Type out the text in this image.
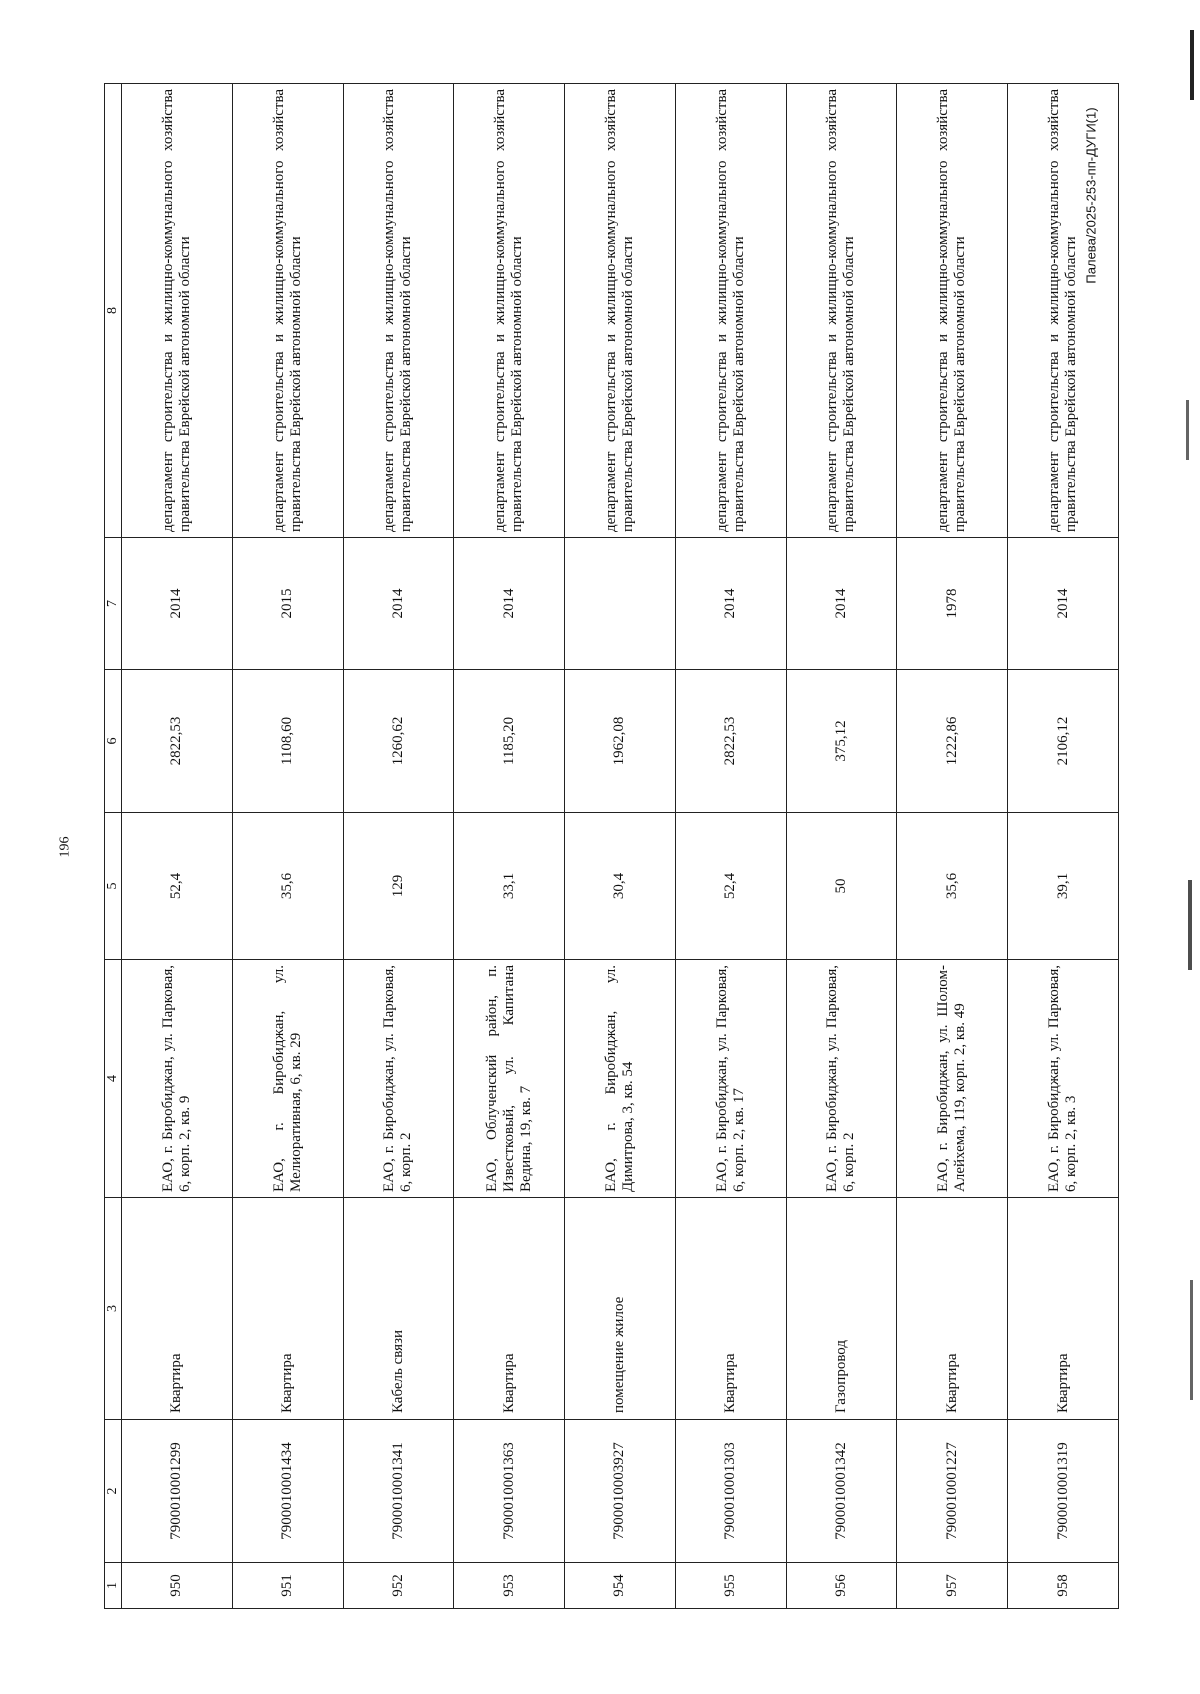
196
Палева/2025-253-пп-ДУГИ(1)
1	2	3	4	5	6	7	8
950	7900010001299	Квартира	ЕАО, г. Биробиджан, ул. Парковая, 6, корп. 2, кв. 9	52,4	2822,53	2014	департамент строительства и жилищно-коммунального хозяйства правительства Еврейской автономной области
951	7900010001434	Квартира	ЕАО, г. Биробиджан, ул. Мелиоративная, 6, кв. 29	35,6	1108,60	2015	департамент строительства и жилищно-коммунального хозяйства правительства Еврейской автономной области
952	7900010001341	Кабель связи	ЕАО, г. Биробиджан, ул. Парковая, 6, корп. 2	129	1260,62	2014	департамент строительства и жилищно-коммунального хозяйства правительства Еврейской автономной области
953	7900010001363	Квартира	ЕАО, Облученский район, п. Известковый, ул. Капитана Ведина, 19, кв. 7	33,1	1185,20	2014	департамент строительства и жилищно-коммунального хозяйства правительства Еврейской автономной области
954	7900010003927	помещение жилое	ЕАО, г. Биробиджан, ул. Димитрова, 3, кв. 54	30,4	1962,08		департамент строительства и жилищно-коммунального хозяйства правительства Еврейской автономной области
955	7900010001303	Квартира	ЕАО, г. Биробиджан, ул. Парковая, 6, корп. 2, кв. 17	52,4	2822,53	2014	департамент строительства и жилищно-коммунального хозяйства правительства Еврейской автономной области
956	7900010001342	Газопровод	ЕАО, г. Биробиджан, ул. Парковая, 6, корп. 2	50	375,12	2014	департамент строительства и жилищно-коммунального хозяйства правительства Еврейской автономной области
957	7900010001227	Квартира	ЕАО, г. Биробиджан, ул. Шолом-Алейхема, 119, корп. 2, кв. 49	35,6	1222,86	1978	департамент строительства и жилищно-коммунального хозяйства правительства Еврейской автономной области
958	7900010001319	Квартира	ЕАО, г. Биробиджан, ул. Парковая, 6, корп. 2, кв. 3	39,1	2106,12	2014	департамент строительства и жилищно-коммунального хозяйства правительства Еврейской автономной области
